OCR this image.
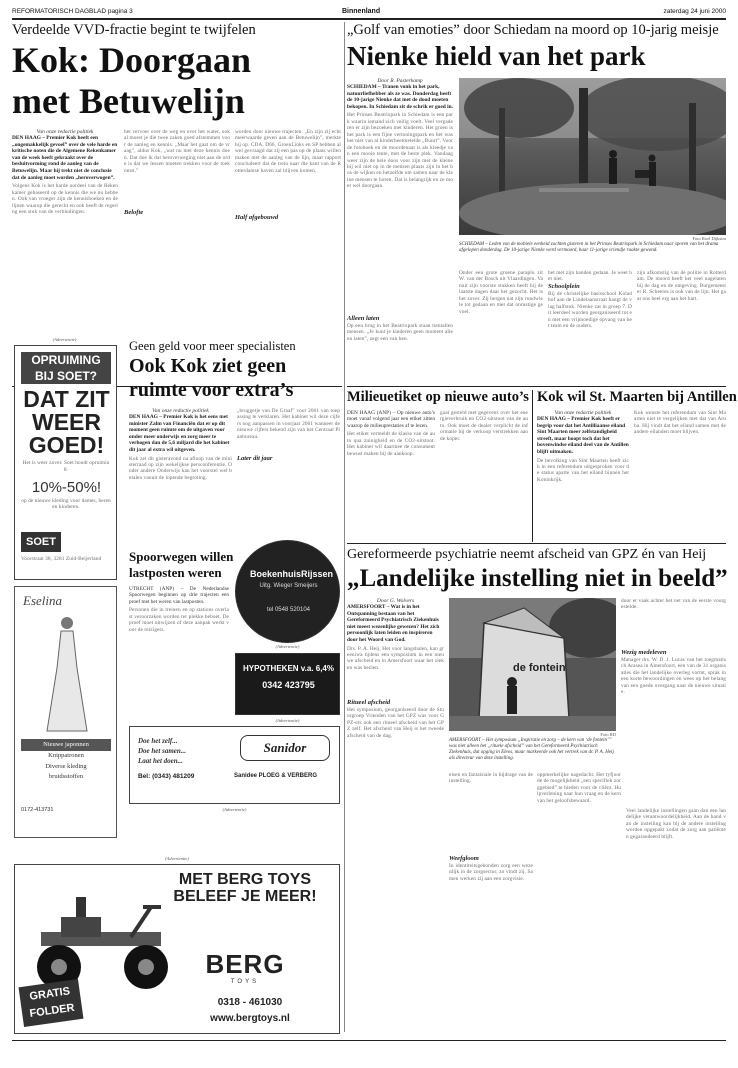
REFORMATORISCH DAGBLAD pagina 3	Binnenland	zaterdag 24 juni 2000
Verdeelde VVD-fractie begint te twijfelen
Kok: Doorgaan
met Betuwelijn
Van onze redactie politiek
DEN HAAG – Premier Kok heeft een „ongemakkelijk gevoel” over de vele harde en kritische noten die de Algemene Rekenkamer van de week heeft gekraakt over de besluitvorming rond de aanleg van de Betuwelijn. Maar hij trekt niet de conclusie dat de aanleg moet worden „heroverwogen”.
Volgens Kok is het harde oordeel van de Rekenkamer gebaseerd op de kennis die we nu hebben. Ook van vroeger zijn de kennisboeken en de lijnen waarop die gerecht en ook heeft de regering een stuk van de verbindingen.
het vervoer over de weg en over het water, ook al moest je die twee zaken goed afstemmen voor de aanleg en kennis. „Maar het gaat om de vraag”, aldus Kok, „wat nu met deze kennis doen. Dat doe ik dat heroverweging niet aan de orde is dat we lessen moeten trekken voor de toekomst.”
Belofte
worden door nieuwe trajecten. „En zijn zij echt meerwaarde geven aan de Betuwelijn”, merkte hij op. CDA, D66, GroenLinks en SP hebben al wel gevraagd dat zij een pas op de plaats willen maken met de aanleg van de lijn, maar rapport concludeert dat de trein naar die kant van de Rotterdamse haven zal blijven komen.
Half afgebouwd
„Golf van emoties” door Schiedam na moord op 10-jarig meisje
Nienke hield van het park
Door R. Pasterkamp
SCHIEDAM – Tranen vonk in het park, natuurliefhebber als ze was. Donderdag heeft de 10-jarige Nienke dat met de dood moeten bekopen. In Schiedam zit de schrik er goed in.
Het Prinses Beatrixpark in Schiedam is een park waarin iemand zich veilig voelt. Veel vergaderen er zijn bezoeken met kinderen. Het groen is het park is een fijne vertoningspark en het was het niet van al kinderheetmetelde „Buurt”. Voor de fotoboek en de moordenaar is als kleedje van een mooie tente, met de beste plek. Vandaag weer zijn de hele doos voor zijn met de kleine bij wil niet op in de mensen plaats zijn in het bos de wijken en hetzelfde om samen naar de kleine mensen te horen. Dat is belangrijk en ze moet wel doorgaan.
Foto Roel Dijkstra
SCHIEDAM – Leden van de mobiele eenheid zochten gisteren in het Prinses Beatrixpark in Schiedam naar sporen van het drama afgelopen donderdag. De 10-jarige Nienke werd vermoord, haar 11-jarige vriendje raakte gewond.
Onder een grote groene paraplu zit W. van der Bosch uit Vlaardingen. Vanuit zijn voorste stukken heeft hij de laatste dagen daar het gezocht. Het is het zover. Zij bergen nat zijn rondwiele tot gedaan en met dat onrustige gevoel.
het met zijn handen gedaan. Je weet het niet.
Schoolplein
Bij de christelijke basisschool Koladhof aan de Lindelaanstraat hangt de vlag halfstok. Nienke zat in groep 7. Dit leerdeel worden georganiseerd tot en met een vrijmoedige opvang van het team en de ouders.
zijn afkomstig van de politie in Rotterdam. De moord heeft het veel nagelaten bij de dag en de omgeving. Burgemeester R. Scheeres is ook van de lijn. Het gaat ons heel erg aan het hart.
Alleen laten
Op een brug in het Beatrixpark staan tientallen mensen. „Je kunt je kinderen geen moment alleen laten”, zegt een van hen.
(Advertentie)
OPRUIMING
BIJ SOET?
DAT ZIT
WEER
GOED!
Het is weer zover. Soet houdt opruiming.
10%-50%!
op de nieuwe kleding voor dames, heren en kinderen.
SOET
Voorstraat 38, 3281 Zuid-Beijerland
Geen geld voor meer specialisten
Ook Kok ziet geen
ruimte voor extra’s
Van onze redactie politiek
DEN HAAG – Premier Kok is het eens met minister Zalm van Financiën dat er op dit moment geen ruimte om de uitgaven voor onder meer onderwijs en zorg meer te verhogen dan de 5,6 miljard die het kabinet dit jaar al extra wil uitgeven.
Kok zei dit gisteravond na afloop van de ministerraad op zijn wekelijkse persconferentie. Onder andere Onderwijs kan het voorstel wel betalen vanuit de lopende begroting.
„bruggetje van De Graaf” voor 2001 van toepassing te verklaren. Het kabinet wil deze cijfers nog aanpassen in voorjaar 2001 wanneer de nieuwe cijfers bekend zijn van het Centraal Planbureau.
Later dit jaar
Eselina
Nieuwe japonnen
Knippatronen
Diverse kleding
bruidsstoffen
0172-413731
Spoorwegen willen
lastposten weren
UTRECHT (ANP) – De Nederlandse Spoorwegen beginnen op drie trajecten een proef met het weren van lastposten.
Personen die in treinen en op stations overlast veroorzaken worden ter plekke beboet. De proef moet uitwijzen of deze aanpak werkt voor de reizigers.
BoekenhuisRijssen
Uitg. Wieger Smeijers
tel 0548 520104
(Advertentie)
HYPOTHEKEN v.a. 6,4%
0342 423795
(Advertentie)
Doe het zelf...
Doe het samen...
Laat het doen...
Bel: (0343) 481209
Sanidor
Sanidee PLOEG & VERBERG
(Advertentie)
Milieuetiket op nieuwe auto’s
DEN HAAG (ANP) – Op nieuwe auto’s moet vanaf volgend jaar een etiket zitten waarop de milieuprestaties af te lezen.
Het etiket vermeldt de klasse van de auto qua zuinigheid en de CO2-uitstoot. Het kabinet wil daarmee de consument bewust maken bij de aankoop.
gaat gesteld met gegevens over het energieverbruik en CO2-uitstoot van de auto. Ook moet de dealer verplicht de informatie bij de verkoop verstrekken aan de koper.
Kok wil St. Maarten bij Antillen
Van onze redactie politiek
DEN HAAG – Premier Kok heeft er begrip voor dat het Antilliaanse eiland Sint Maarten meer zelfstandigheid streeft, maar hoopt toch dat het bovenwindse eiland deel van de Antillen blijft uitmaken.
De bevolking van Sint Maarten heeft zich in een referendum uitgesproken voor de status aparte van het eiland binnen het Koninkrijk.
Kok wenste het referendum van Sint Maarten niet te vergelijken met dat van Aruba. Hij vindt dat het eiland samen met de andere eilanden moet blijven.
Gereformeerde psychiatrie neemt afscheid van GPZ én van Heij
„Landelijke instelling niet in beeld”
Door G. Wolvers
AMERSFOORT – Wat is in het Ontspanning bestaan van het Gereformeerd Psychiatrisch Ziekenhuis niet meest wezenlijke gewezen? Het zich persoonlijk laten leiden en inspireren door het Woord van God.
Drs. P. A. Heij, Het voor langshalen, kan greeniwa tijdens een symposium in een nieuwe afscheid en in Amersfoort waar het zieken was bezien.	de fontein
Foto RD
AMERSFOORT – Het symposium „Inspiratie en zorg – de kern van ‘de fontein’” was niet alleen het „rituele afscheid” van het Gereformeerd Psychiatrisch Ziekenhuis, dat opging in Eleos, maar markeerde ook het vertrek van dr. P. A. Heij als directeur van deze instelling.
door er vaak achter het net van de eerste voorgestelde.
Wezig medeleven
Manager drs. W. D. J. Lucas van het toegmatisch Arasea in Amersfoort, een van de 31 organisaties die het landelijke overleg vormt, sprak in een korte bewoordingen en wees op het belang van een goede overgang naar de nieuwe situatie.
Ritueel afscheid
Het symposium, georganiseerd door de Stuurgroep Vrienden van het GPZ was voor GPZ-ers ook een ritueel afscheid van het GPZ zelf. Het afscheid van Heij is het tweede afscheid van de dag.
eisen en fantaisiale in bijdrage van de instelling.
Weefgloom
In identiteitsgebonden zorg een wezenlijk in de zorgsector, zo vindt zij. Samen werken zij aan een zorgvisie.
oppmerkelijke nagedacht. Het tyfjoorde de mogelijkheid „een specifiek zorggebied” te bieden voor de cliënt. Hulpverlening naar hun vraag en de kern van het geloofsbewaard.
Veel landelijke instellingen gaan dan een landelijke verantwoordelijkheid. Aan de hand van de instelling kan bij de andere instelling worden opgepakt zodat de zorg aan patiënten gegarandeerd blijft.
(Advertentie)
MET BERG TOYS
BELEEF JE MEER!
GRATIS
FOLDER
BERG
TOYS
0318 - 461030
www.bergtoys.nl
